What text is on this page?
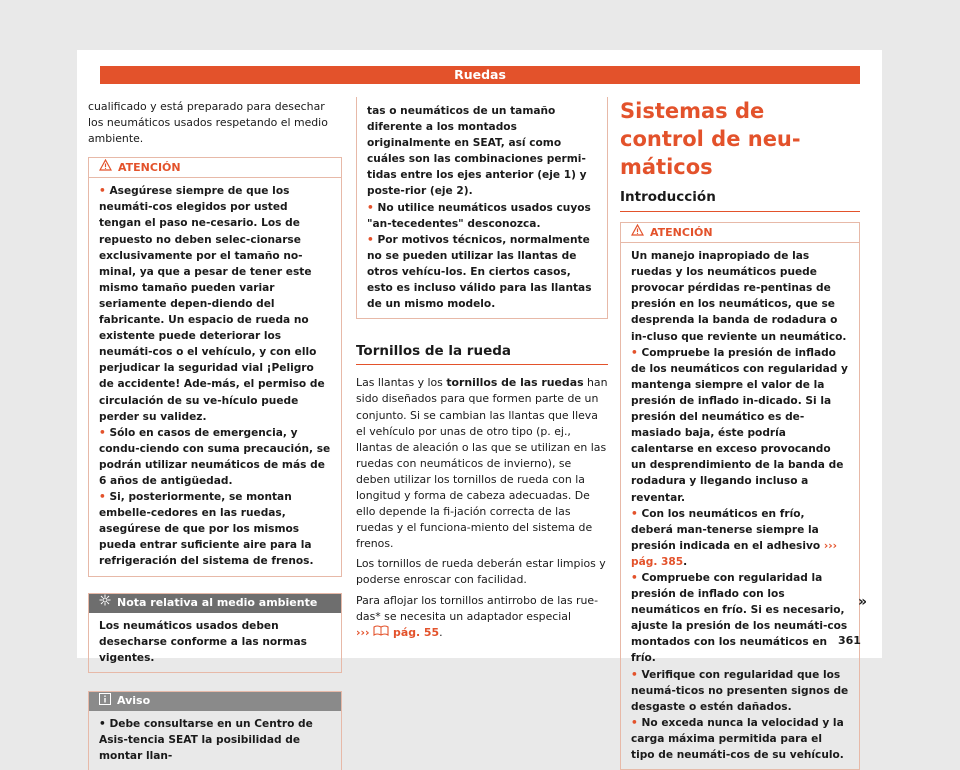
Ruedas

cualificado y está preparado para desechar los neumáticos usados respetando el medio ambiente.

ATENCIÓN

• Asegúrese siempre de que los neumáti-cos elegidos por usted tengan el paso ne-cesario. Los de repuesto no deben selec-cionarse exclusivamente por el tamaño no-minal, ya que a pesar de tener este mismo tamaño pueden variar seriamente depen-diendo del fabricante. Un espacio de rueda no existente puede deteriorar los neumáti-cos o el vehículo, y con ello perjudicar la seguridad vial ¡Peligro de accidente! Ade-más, el permiso de circulación de su ve-hículo puede perder su validez.

• Sólo en casos de emergencia, y condu-ciendo con suma precaución, se podrán utilizar neumáticos de más de 6 años de antigüedad.

• Si, posteriormente, se montan embelle-cedores en las ruedas, asegúrese de que por los mismos pueda entrar suficiente aire para la refrigeración del sistema de frenos.

Nota relativa al medio ambiente
Los neumáticos usados deben desecharse conforme a las normas vigentes.
Aviso

• Debe consultarse en un Centro de Asis-tencia SEAT la posibilidad de montar llan-

tas o neumáticos de un tamaño diferente a los montados originalmente en SEAT, así como cuáles son las combinaciones permi-tidas entre los ejes anterior (eje 1) y poste-rior (eje 2).

• No utilice neumáticos usados cuyos "an-tecedentes" desconozca.

• Por motivos técnicos, normalmente no se pueden utilizar las llantas de otros vehícu-los. En ciertos casos, esto es incluso válido para las llantas de un mismo modelo.

Tornillos de la rueda

Las llantas y los tornillos de las ruedas han sido diseñados para que formen parte de un conjunto. Si se cambian las llantas que lleva el vehículo por unas de otro tipo (p. ej., llantas de aleación o las que se utilizan en las ruedas con neumáticos de invierno), se deben utilizar los tornillos de rueda con la longitud y forma de cabeza adecuadas. De ello depende la fi-jación correcta de las ruedas y el funciona-miento del sistema de frenos.

Los tornillos de rueda deberán estar limpios y poderse enroscar con facilidad.

Para aflojar los tornillos antirrobo de las rue-das* se necesita un adaptador especial
›››  pág. 55.

Sistemas de control de neu-máticos

Introducción

ATENCIÓN

Un manejo inapropiado de las ruedas y los neumáticos puede provocar pérdidas re-pentinas de presión en los neumáticos, que se desprenda la banda de rodadura o in-cluso que reviente un neumático.

• Compruebe la presión de inflado de los neumáticos con regularidad y mantenga siempre el valor de la presión de inflado in-dicado. Si la presión del neumático es de-masiado baja, éste podría calentarse en exceso provocando un desprendimiento de la banda de rodadura y llegando incluso a reventar.

• Con los neumáticos en frío, deberá man-tenerse siempre la presión indicada en el adhesivo ››› pág. 385.

• Compruebe con regularidad la presión de inflado con los neumáticos en frío. Si es necesario, ajuste la presión de los neumáti-cos montados con los neumáticos en frío.

• Verifique con regularidad que los neumá-ticos no presenten signos de desgaste o estén dañados.

• No exceda nunca la velocidad y la carga máxima permitida para el tipo de neumáti-cos de su vehículo.

»
361
